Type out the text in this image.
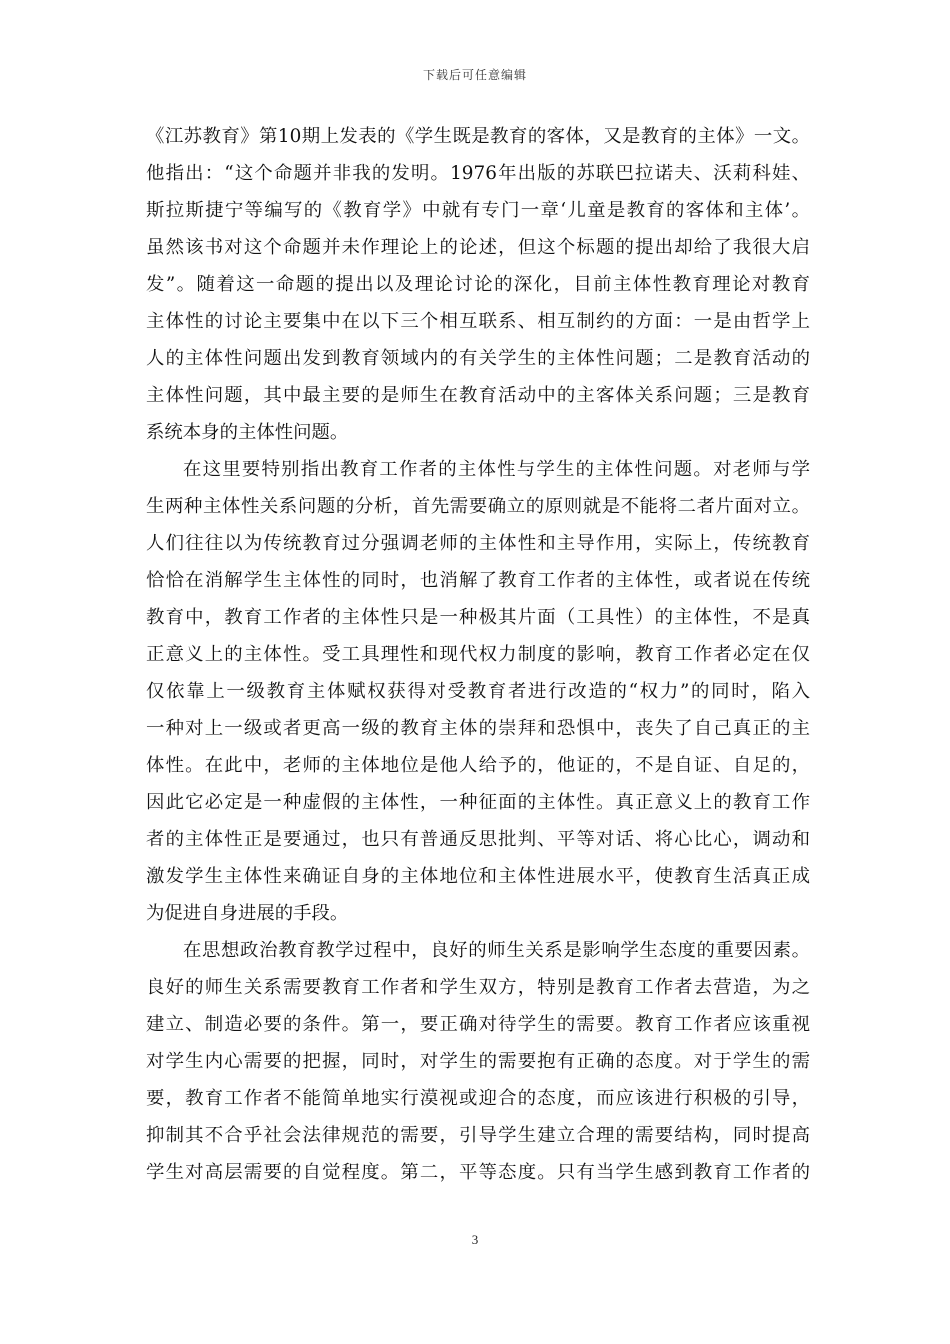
下载后可任意编辑
《江苏教育》第10期上发表的《学生既是教育的客体，又是教育的主体》一文。
他指出：“这个命题并非我的发明。1976年出版的苏联巴拉诺夫、沃莉科娃、
斯拉斯捷宁等编写的《教育学》中就有专门一章‘儿童是教育的客体和主体’。
虽然该书对这个命题并未作理论上的论述，但这个标题的提出却给了我很大启
发”。随着这一命题的提出以及理论讨论的深化，目前主体性教育理论对教育
主体性的讨论主要集中在以下三个相互联系、相互制约的方面：一是由哲学上
人的主体性问题出发到教育领域内的有关学生的主体性问题；二是教育活动的
主体性问题，其中最主要的是师生在教育活动中的主客体关系问题；三是教育
系统本身的主体性问题。
在这里要特别指出教育工作者的主体性与学生的主体性问题。对老师与学
生两种主体性关系问题的分析，首先需要确立的原则就是不能将二者片面对立。
人们往往以为传统教育过分强调老师的主体性和主导作用，实际上，传统教育
恰恰在消解学生主体性的同时，也消解了教育工作者的主体性，或者说在传统
教育中，教育工作者的主体性只是一种极其片面（工具性）的主体性，不是真
正意义上的主体性。受工具理性和现代权力制度的影响，教育工作者必定在仅
仅依靠上一级教育主体赋权获得对受教育者进行改造的“权力”的同时，陷入
一种对上一级或者更高一级的教育主体的崇拜和恐惧中，丧失了自己真正的主
体性。在此中，老师的主体地位是他人给予的，他证的，不是自证、自足的，
因此它必定是一种虚假的主体性，一种征面的主体性。真正意义上的教育工作
者的主体性正是要通过，也只有普通反思批判、平等对话、将心比心，调动和
激发学生主体性来确证自身的主体地位和主体性进展水平，使教育生活真正成
为促进自身进展的手段。
在思想政治教育教学过程中，良好的师生关系是影响学生态度的重要因素。
良好的师生关系需要教育工作者和学生双方，特别是教育工作者去营造，为之
建立、制造必要的条件。第一，要正确对待学生的需要。教育工作者应该重视
对学生内心需要的把握，同时，对学生的需要抱有正确的态度。对于学生的需
要，教育工作者不能简单地实行漠视或迎合的态度，而应该进行积极的引导，
抑制其不合乎社会法律规范的需要，引导学生建立合理的需要结构，同时提高
学生对高层需要的自觉程度。第二，平等态度。只有当学生感到教育工作者的
3
